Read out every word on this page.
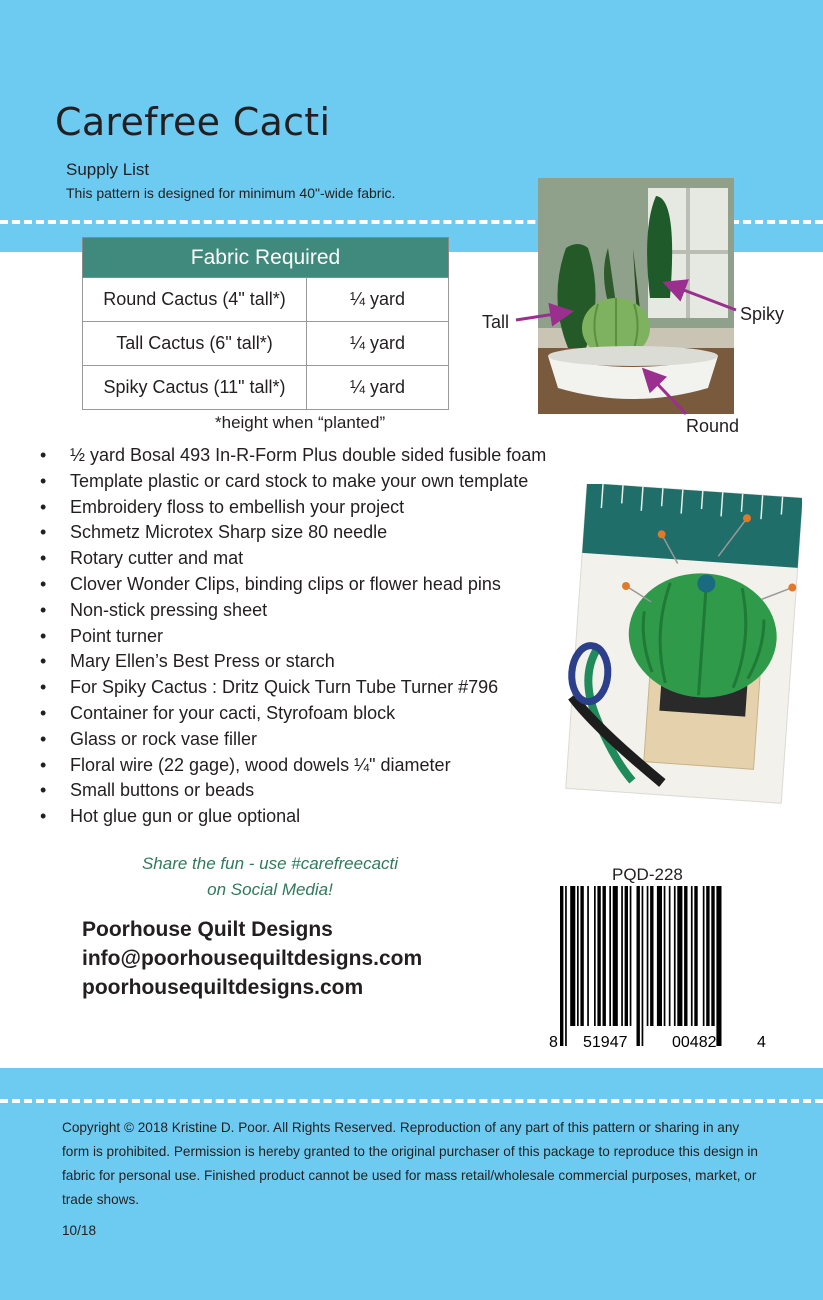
Carefree Cacti
Supply List
This pattern is designed for minimum 40"-wide fabric.
Fabric Required	
Round Cactus (4" tall*)	¼ yard
Tall Cactus (6" tall*)	¼ yard
Spiky Cactus (11" tall*)	¼ yard
*height when “planted”
Tall	Spiky
Round
• ½ yard Bosal 493 In-R-Form Plus double sided fusible foam
• Template plastic or card stock to make your own template
• Embroidery floss to embellish your project
• Schmetz Microtex Sharp size 80 needle
• Rotary cutter and mat
• Clover Wonder Clips, binding clips or flower head pins
• Non-stick pressing sheet
• Point turner
• Mary Ellen’s Best Press or starch
• For Spiky Cactus : Dritz Quick Turn Tube Turner #796
• Container for your cacti, Styrofoam block
• Glass or rock vase filler
• Floral wire (22 gage), wood dowels ¼" diameter
• Small buttons or beads
• Hot glue gun or glue optional
Share the fun - use #carefreecacti
on Social Media!
Poorhouse Quilt Designs
info@poorhousequiltdesigns.com
poorhousequiltdesigns.com
PQD-228
8 51947	00482	4
Copyright © 2018 Kristine D. Poor. All Rights Reserved. Reproduction of any part of this pattern or sharing in any form is prohibited. Permission is hereby granted to the original purchaser of this package to reproduce this design in fabric for personal use. Finished product cannot be used for mass retail/wholesale commercial purposes, market, or trade shows.
10/18
